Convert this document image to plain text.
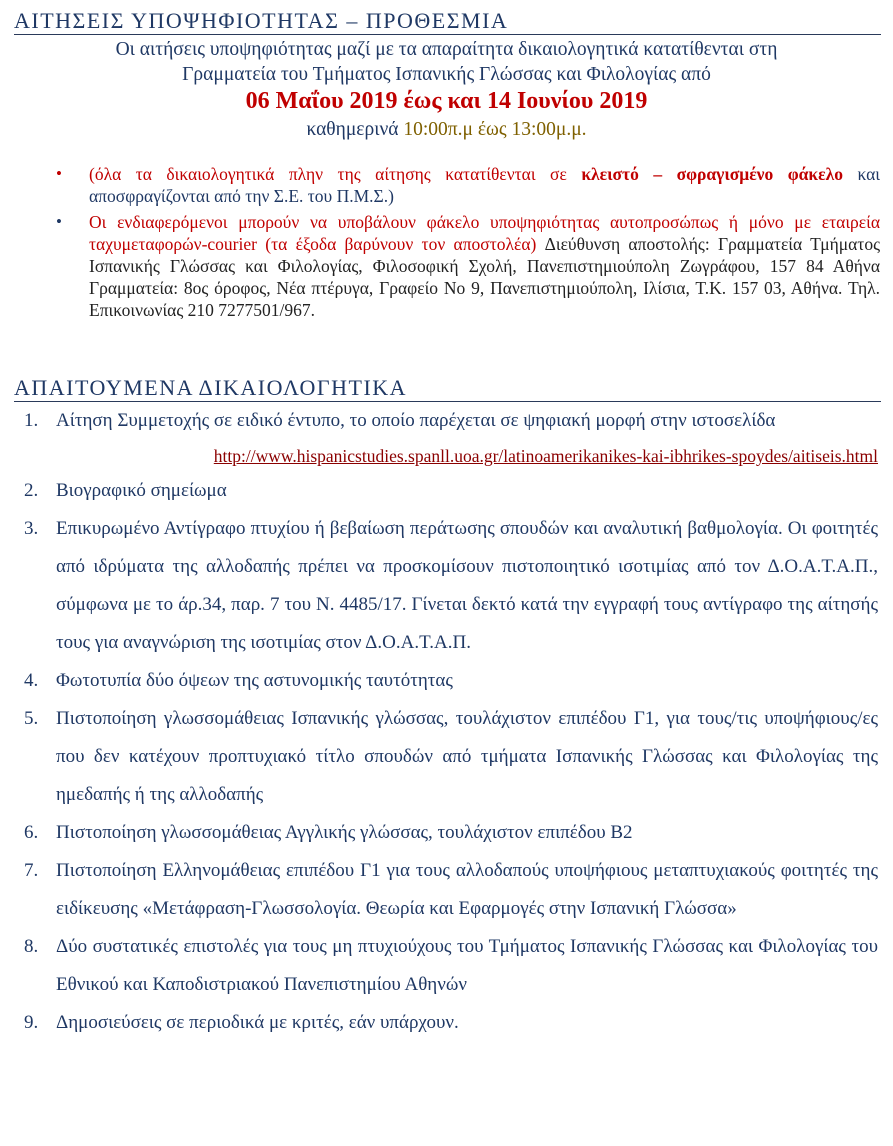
ΑΙΤΗΣΕΙΣ ΥΠΟΨΗΦΙΟΤΗΤΑΣ – ΠΡΟΘΕΣΜΙΑ
Οι αιτήσεις υποψηφιότητας μαζί με τα απαραίτητα δικαιολογητικά κατατίθενται στη
Γραμματεία του Τμήματος Ισπανικής Γλώσσας και Φιλολογίας από
06 Μαΐου 2019 έως και 14 Ιουνίου 2019
καθημερινά 10:00π.μ έως 13:00μ.μ.
• (όλα τα δικαιολογητικά πλην της αίτησης κατατίθενται σε κλειστό – σφραγισμένο φάκελο και αποσφραγίζονται από την Σ.Ε. του Π.Μ.Σ.)
• Οι ενδιαφερόμενοι μπορούν να υποβάλουν φάκελο υποψηφιότητας αυτοπροσώπως ή μόνο με εταιρεία ταχυμεταφορών-courier (τα έξοδα βαρύνουν τον αποστολέα) Διεύθυνση αποστολής: Γραμματεία Τμήματος Ισπανικής Γλώσσας και Φιλολογίας, Φιλοσοφική Σχολή, Πανεπιστημιούπολη Ζωγράφου, 157 84 Αθήνα Γραμματεία: 8ος όροφος, Νέα πτέρυγα, Γραφείο Νο 9, Πανεπιστημιούπολη, Ιλίσια, Τ.Κ. 157 03, Αθήνα. Τηλ. Επικοινωνίας 210 7277501/967.
ΑΠΑΙΤΟΥΜΕΝΑ ΔΙΚΑΙΟΛΟΓΗΤΙΚΑ
1. Αίτηση Συμμετοχής σε ειδικό έντυπο, το οποίο παρέχεται σε ψηφιακή μορφή στην ιστοσελίδα
http://www.hispanicstudies.spanll.uoa.gr/latinoamerikanikes-kai-ibhrikes-spoydes/aitiseis.html
2. Βιογραφικό σημείωμα
3. Επικυρωμένο Αντίγραφο πτυχίου ή βεβαίωση περάτωσης σπουδών και αναλυτική βαθμολογία. Οι φοιτητές από ιδρύματα της αλλοδαπής πρέπει να προσκομίσουν πιστοποιητικό ισοτιμίας από τον Δ.Ο.Α.Τ.Α.Π., σύμφωνα με το άρ.34, παρ. 7 του Ν. 4485/17. Γίνεται δεκτό κατά την εγγραφή τους αντίγραφο της αίτησής τους για αναγνώριση της ισοτιμίας στον Δ.Ο.Α.Τ.Α.Π.
4. Φωτοτυπία δύο όψεων της αστυνομικής ταυτότητας
5. Πιστοποίηση γλωσσομάθειας Ισπανικής γλώσσας, τουλάχιστον επιπέδου Γ1, για τους/τις υποψήφιους/ες που δεν κατέχουν προπτυχιακό τίτλο σπουδών από τμήματα Ισπανικής Γλώσσας και Φιλολογίας της ημεδαπής ή της αλλοδαπής
6. Πιστοποίηση γλωσσομάθειας Αγγλικής γλώσσας, τουλάχιστον επιπέδου Β2
7. Πιστοποίηση Ελληνομάθειας επιπέδου Γ1 για τους αλλοδαπούς υποψήφιους μεταπτυχιακούς φοιτητές της ειδίκευσης «Μετάφραση-Γλωσσολογία. Θεωρία και Εφαρμογές στην Ισπανική Γλώσσα»
8. Δύο συστατικές επιστολές για τους μη πτυχιούχους του Τμήματος Ισπανικής Γλώσσας και Φιλολογίας του Εθνικού και Καποδιστριακού Πανεπιστημίου Αθηνών
9. Δημοσιεύσεις σε περιοδικά με κριτές, εάν υπάρχουν.
